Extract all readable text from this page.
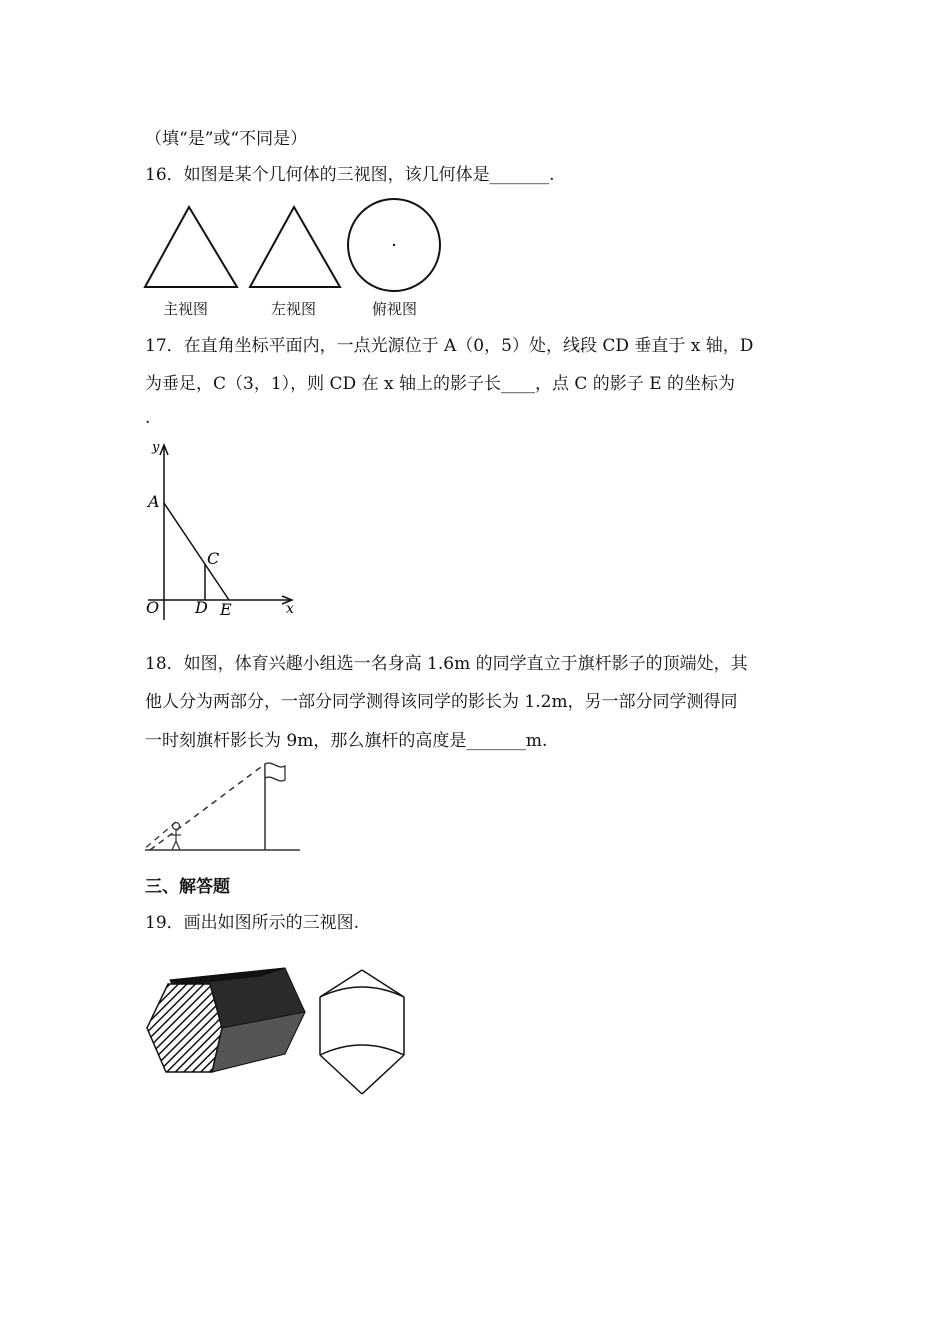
（填“是”或“不同是）
16．如图是某个几何体的三视图，该几何体是_______.
主视图	左视图	俯视图
17．在直角坐标平面内，一点光源位于 A（0，5）处，线段 CD 垂直于 x 轴，D
为垂足，C（3，1），则 CD 在 x 轴上的影子长____，点 C 的影子 E 的坐标为
.
y
x
A
C
O D E
18．如图，体育兴趣小组选一名身高 1.6m 的同学直立于旗杆影子的顶端处，其
他人分为两部分，一部分同学测得该同学的影长为 1.2m，另一部分同学测得同
一时刻旗杆影长为 9m，那么旗杆的高度是_______m.
三、解答题
19．画出如图所示的三视图.
